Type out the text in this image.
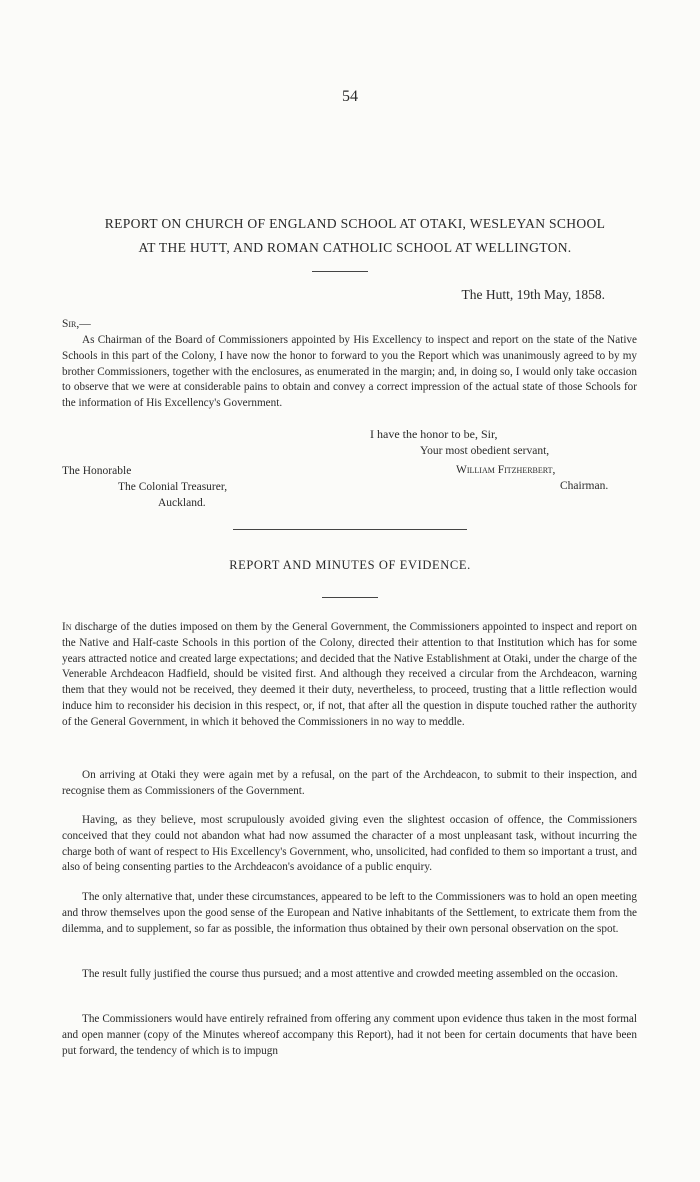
54
REPORT ON CHURCH OF ENGLAND SCHOOL AT OTAKI, WESLEYAN SCHOOL
AT THE HUTT, AND ROMAN CATHOLIC SCHOOL AT WELLINGTON.
The Hutt, 19th May, 1858.
Sir,—

As Chairman of the Board of Commissioners appointed by His Excellency to inspect and report on the state of the Native Schools in this part of the Colony, I have now the honor to forward to you the Report which was unanimously agreed to by my brother Commissioners, together with the enclosures, as enumerated in the margin; and, in doing so, I would only take occasion to observe that we were at considerable pains to obtain and convey a correct impression of the actual state of those Schools for the information of His Excellency's Government.

I have the honor to be, Sir,
Your most obedient servant,
William Fitzherbert,
Chairman.
The Honorable
The Colonial Treasurer,
Auckland.
REPORT AND MINUTES OF EVIDENCE.

In discharge of the duties imposed on them by the General Government, the Commissioners appointed to inspect and report on the Native and Half-caste Schools in this portion of the Colony, directed their attention to that Institution which has for some years attracted notice and created large expectations; and decided that the Native Establishment at Otaki, under the charge of the Venerable Archdeacon Hadfield, should be visited first. And although they received a circular from the Archdeacon, warning them that they would not be received, they deemed it their duty, nevertheless, to proceed, trusting that a little reflection would induce him to reconsider his decision in this respect, or, if not, that after all the question in dispute touched rather the authority of the General Government, in which it behoved the Commissioners in no way to meddle.

On arriving at Otaki they were again met by a refusal, on the part of the Archdeacon, to submit to their inspection, and recognise them as Commissioners of the Government.

Having, as they believe, most scrupulously avoided giving even the slightest occasion of offence, the Commissioners conceived that they could not abandon what had now assumed the character of a most unpleasant task, without incurring the charge both of want of respect to His Excellency's Government, who, unsolicited, had confided to them so important a trust, and also of being consenting parties to the Archdeacon's avoidance of a public enquiry.

The only alternative that, under these circumstances, appeared to be left to the Commissioners was to hold an open meeting and throw themselves upon the good sense of the European and Native inhabitants of the Settlement, to extricate them from the dilemma, and to supplement, so far as possible, the information thus obtained by their own personal observation on the spot.

The result fully justified the course thus pursued; and a most attentive and crowded meeting assembled on the occasion.

The Commissioners would have entirely refrained from offering any comment upon evidence thus taken in the most formal and open manner (copy of the Minutes whereof accompany this Report), had it not been for certain documents that have been put forward, the tendency of which is to impugn
